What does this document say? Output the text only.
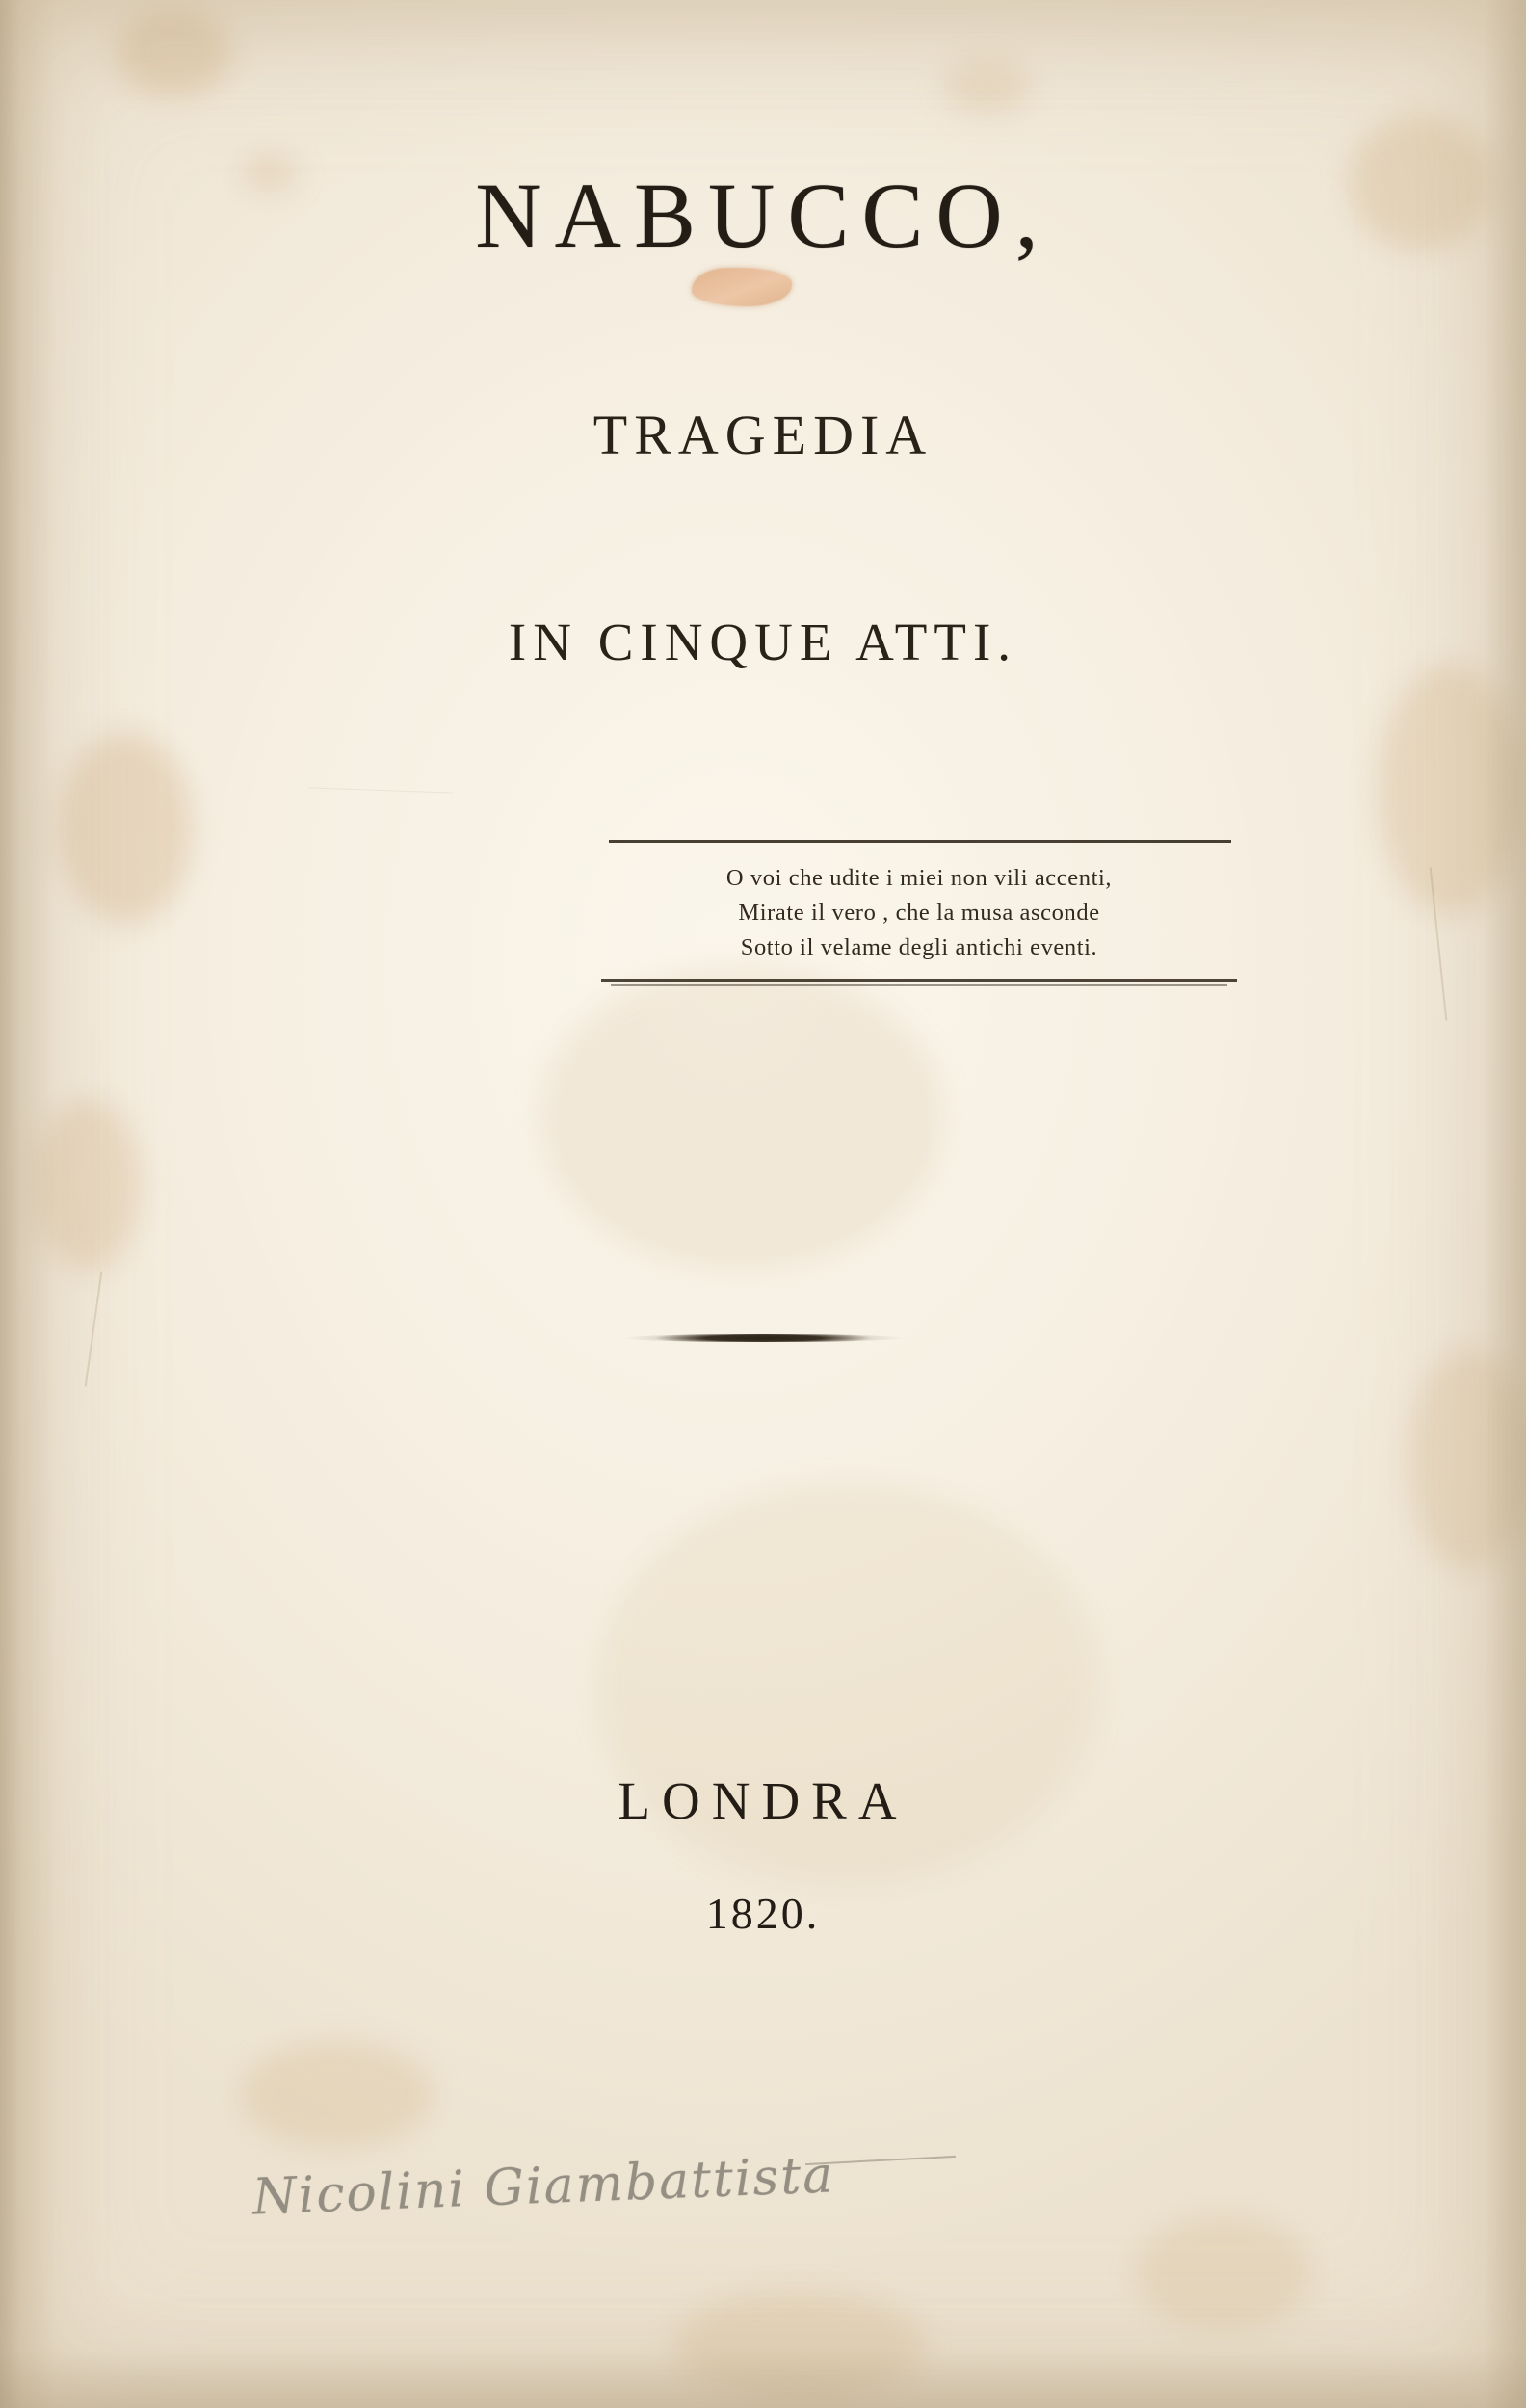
NABUCCO,
TRAGEDIA
IN CINQUE ATTI.
O voi che udite i miei non vili accenti,
Mirate il vero , che la musa asconde
Sotto il velame degli antichi eventi.
LONDRA
1820.
Nicolini Giambattista
